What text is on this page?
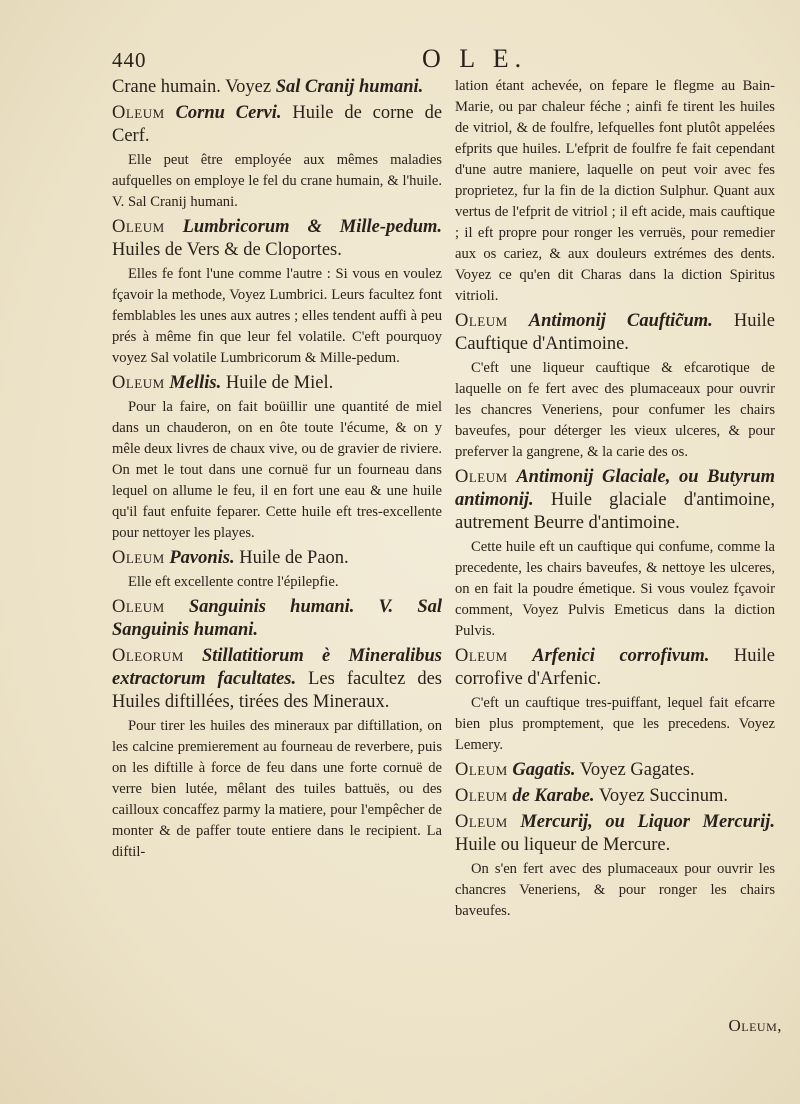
440	O L E.
Crane humain. Voyez Sal Cranij humani.
Oleum Cornu Cervi. Huile de corne de Cerf.

Elle peut être employée aux mêmes maladies aufquelles on employe le fel du crane humain, & l'huile. V. Sal Cranij humani.

Oleum Lumbricorum & Mille-pedum. Huiles de Vers & de Cloportes.

Elles fe font l'une comme l'autre : Si vous en voulez fçavoir la methode, Voyez Lumbrici. Leurs facultez font femblables les unes aux autres ; elles tendent auffi à peu prés à même fin que leur fel volatile. C'eft pourquoy voyez Sal volatile Lumbricorum & Mille-pedum.

Oleum Mellis. Huile de Miel.

Pour la faire, on fait boüillir une quantité de miel dans un chauderon, on en ôte toute l'écume, & on y mêle deux livres de chaux vive, ou de gravier de riviere. On met le tout dans une cornuë fur un fourneau dans lequel on allume le feu, il en fort une eau & une huile qu'il faut enfuite feparer. Cette huile eft tres-excellente pour nettoyer les playes.

Oleum Pavonis. Huile de Paon.

Elle eft excellente contre l'épilepfie.

Oleum Sanguinis humani. V. Sal Sanguinis humani.
Oleorum Stillatitiorum è Mineralibus extractorum facultates. Les facultez des Huiles diftillées, tirées des Mineraux.

Pour tirer les huiles des mineraux par diftillation, on les calcine premierement au fourneau de reverbere, puis on les diftille à force de feu dans une forte cornuë de verre bien lutée, mêlant des tuiles battuës, ou des cailloux concaffez parmy la matiere, pour l'empêcher de monter & de paffer toute entiere dans le recipient. La diftil-

lation étant achevée, on fepare le flegme au Bain-Marie, ou par chaleur féche ; ainfi fe tirent les huiles de vitriol, & de foulfre, lefquelles font plutôt appelées efprits que huiles. L'efprit de foulfre fe fait cependant d'une autre maniere, laquelle on peut voir avec fes proprietez, fur la fin de la diction Sulphur. Quant aux vertus de l'efprit de vitriol ; il eft acide, mais cauftique ; il eft propre pour ronger les verruës, pour remedier aux os cariez, & aux douleurs extrémes des dents. Voyez ce qu'en dit Charas dans la diction Spiritus vitrioli.
Oleum Antimonij Cauftic̃um. Huile Cauftique d'Antimoine.

C'eft une liqueur cauftique & efcarotique de laquelle on fe fert avec des plumaceaux pour ouvrir les chancres Veneriens, pour confumer les chairs baveufes, pour déterger les vieux ulceres, & pour preferver la gangrene, & la carie des os.

Oleum Antimonij Glaciale, ou Butyrum antimonij. Huile glaciale d'antimoine, autrement Beurre d'antimoine.

Cette huile eft un cauftique qui confume, comme la precedente, les chairs baveufes, & nettoye les ulceres, on en fait la poudre émetique. Si vous voulez fçavoir comment, Voyez Pulvis Emeticus dans la diction Pulvis.

Oleum Arfenici corrofivum. Huile corrofive d'Arfenic.

C'eft un cauftique tres-puiffant, lequel fait efcarre bien plus promptement, que les precedens. Voyez Lemery.

Oleum Gagatis. Voyez Gagates.
Oleum de Karabe. Voyez Succinum.
Oleum Mercurij, ou Liquor Mercurij. Huile ou liqueur de Mercure.

On s'en fert avec des plumaceaux pour ouvrir les chancres Veneriens, & pour ronger les chairs baveufes.

Oleum,
